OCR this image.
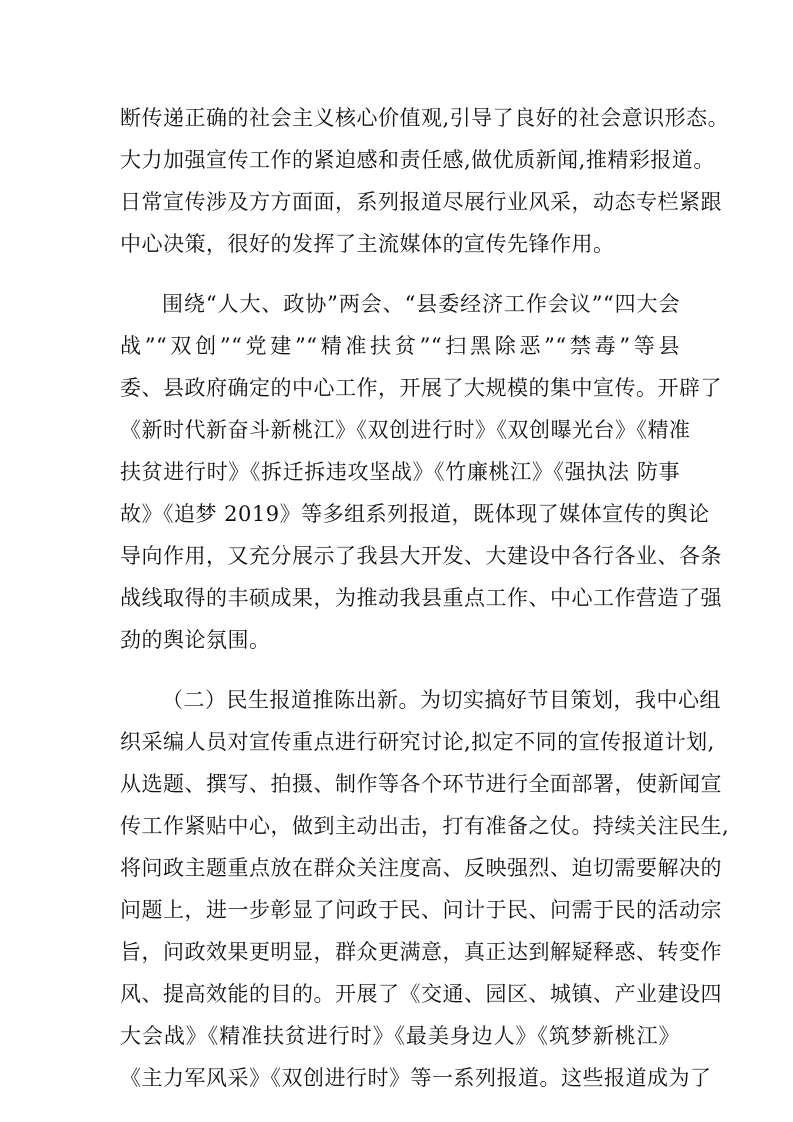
断传递正确的社会主义核心价值观,引导了良好的社会意识形态。
大力加强宣传工作的紧迫感和责任感,做优质新闻,推精彩报道。
日常宣传涉及方方面面，系列报道尽展行业风采，动态专栏紧跟
中心决策，很好的发挥了主流媒体的宣传先锋作用。
围绕“人大、政协”两会、“县委经济工作会议”“四大会
战”“双创”“党建”“精准扶贫”“扫黑除恶”“禁毒”等县
委、县政府确定的中心工作，开展了大规模的集中宣传。开辟了
《新时代新奋斗新桃江》《双创进行时》《双创曝光台》《精准
扶贫进行时》《拆迁拆违攻坚战》《竹廉桃江》《强执法 防事
故》《追梦 2019》等多组系列报道，既体现了媒体宣传的舆论
导向作用，又充分展示了我县大开发、大建设中各行各业、各条
战线取得的丰硕成果，为推动我县重点工作、中心工作营造了强
劲的舆论氛围。
（二）民生报道推陈出新。为切实搞好节目策划，我中心组
织采编人员对宣传重点进行研究讨论,拟定不同的宣传报道计划,
从选题、撰写、拍摄、制作等各个环节进行全面部署，使新闻宣
传工作紧贴中心，做到主动出击，打有准备之仗。持续关注民生,
将问政主题重点放在群众关注度高、反映强烈、迫切需要解决的
问题上，进一步彰显了问政于民、问计于民、问需于民的活动宗
旨，问政效果更明显，群众更满意，真正达到解疑释惑、转变作
风、提高效能的目的。开展了《交通、园区、城镇、产业建设四
大会战》《精准扶贫进行时》《最美身边人》《筑梦新桃江》
《主力军风采》《双创进行时》等一系列报道。这些报道成为了
